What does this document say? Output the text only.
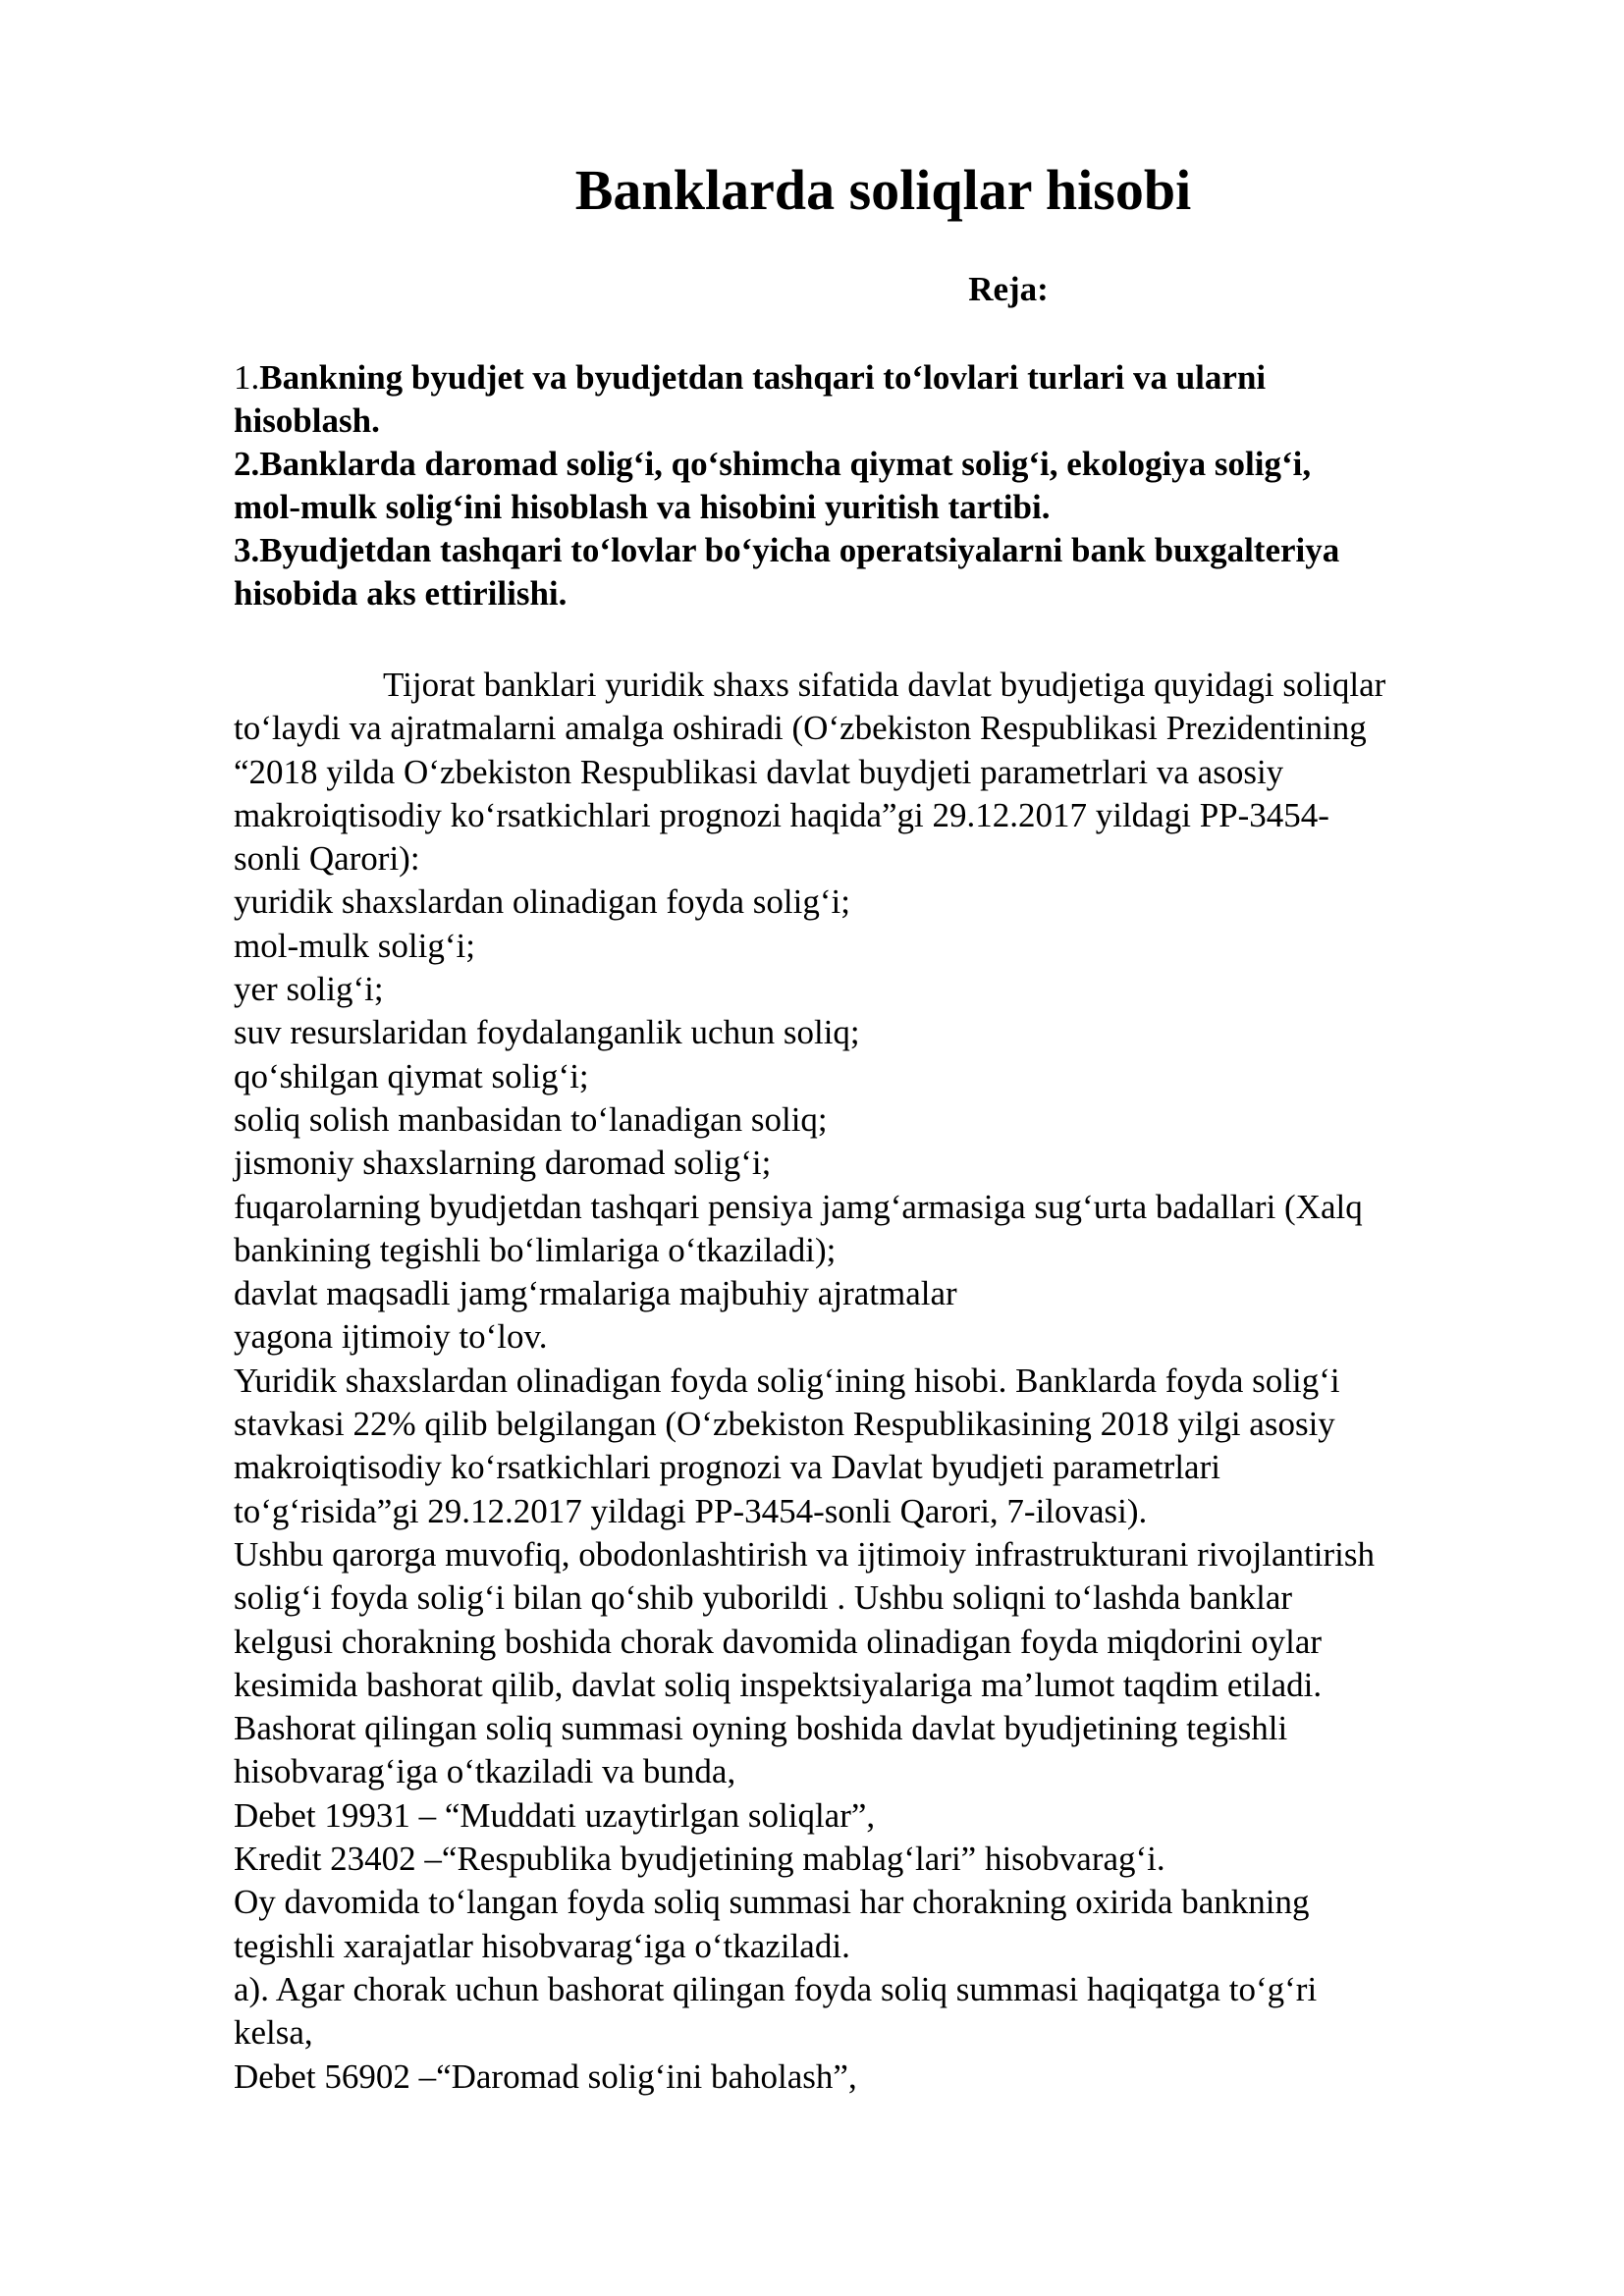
Banklarda soliqlar hisobi
Reja:
1.Bankning byudjet va byudjetdan tashqari to‘lovlari turlari va ularni
hisoblash.
2.Banklarda daromad solig‘i, qo‘shimcha qiymat solig‘i, ekologiya solig‘i,
mol-mulk solig‘ini hisoblash va hisobini yuritish tartibi.
3.Byudjetdan tashqari to‘lovlar bo‘yicha operatsiyalarni bank buxgalteriya
hisobida aks ettirilishi.
Tijorat banklari yuridik shaxs sifatida davlat byudjetiga quyidagi soliqlar
to‘laydi va ajratmalarni amalga oshiradi (O‘zbekiston Respublikasi Prezidentining
“2018 yilda O‘zbekiston Respublikasi davlat buydjeti parametrlari va asosiy
makroiqtisodiy ko‘rsatkichlari prognozi haqida”gi 29.12.2017 yildagi PP-3454-
sonli Qarori):
yuridik shaxslardan olinadigan foyda solig‘i;
mol-mulk solig‘i;
yer solig‘i;
suv resurslaridan foydalanganlik uchun soliq;
qo‘shilgan qiymat solig‘i;
soliq solish manbasidan to‘lanadigan soliq;
jismoniy shaxslarning daromad solig‘i;
fuqarolarning byudjetdan tashqari pensiya jamg‘armasiga sug‘urta badallari (Xalq
bankining tegishli bo‘limlariga o‘tkaziladi);
davlat maqsadli jamg‘rmalariga majbuhiy ajratmalar
yagona ijtimoiy to‘lov.
Yuridik shaxslardan olinadigan foyda solig‘ining hisobi. Banklarda foyda solig‘i
stavkasi 22% qilib belgilangan (O‘zbekiston Respublikasining 2018 yilgi asosiy
makroiqtisodiy ko‘rsatkichlari prognozi va Davlat byudjeti parametrlari
to‘g‘risida”gi 29.12.2017 yildagi PP-3454-sonli Qarori, 7-ilovasi).
Ushbu qarorga muvofiq, obodonlashtirish va ijtimoiy infrastrukturani rivojlantirish
solig‘i foyda solig‘i bilan qo‘shib yuborildi . Ushbu soliqni to‘lashda banklar
kelgusi chorakning boshida chorak davomida olinadigan foyda miqdorini oylar
kesimida bashorat qilib, davlat soliq inspektsiyalariga ma’lumot taqdim etiladi.
Bashorat qilingan soliq summasi oyning boshida davlat byudjetining tegishli
hisobvarag‘iga o‘tkaziladi va bunda,
Debet 19931 – “Muddati uzaytirlgan soliqlar”,
Kredit 23402 –“Respublika byudjetining mablag‘lari” hisobvarag‘i.
Oy davomida to‘langan foyda soliq summasi har chorakning oxirida bankning
tegishli xarajatlar hisobvarag‘iga o‘tkaziladi.
a). Agar chorak uchun bashorat qilingan foyda soliq summasi haqiqatga to‘g‘ri
kelsa,
Debet 56902 –“Daromad solig‘ini baholash”,
